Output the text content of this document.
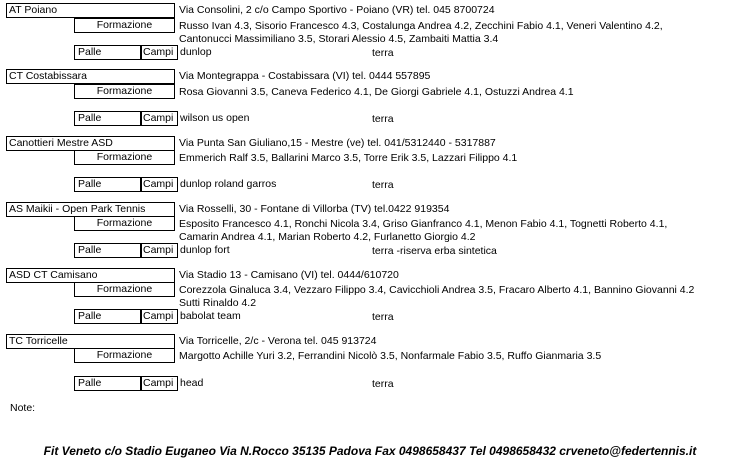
AT Poiano	Via Consolini, 2 c/o Campo Sportivo - Poiano (VR) tel. 045 8700724
Formazione	Russo Ivan 4.3, Sisorio Francesco 4.3, Costalunga Andrea 4.2, Zecchini Fabio 4.1, Veneri Valentino 4.2,
Cantonucci Massimiliano 3.5, Storari Alessio 4.5, Zambaiti Mattia 3.4
Palle	Campi dunlop	terra
CT Costabissara	Via Montegrappa - Costabissara (VI) tel. 0444 557895
Formazione	Rosa Giovanni 3.5, Caneva Federico 4.1, De Giorgi Gabriele 4.1, Ostuzzi Andrea 4.1
Palle	Campi wilson us open	terra
Canottieri Mestre ASD	Via Punta San Giuliano,15 - Mestre (ve) tel. 041/5312440 - 5317887
Formazione	Emmerich Ralf 3.5, Ballarini Marco 3.5, Torre Erik 3.5, Lazzari Filippo 4.1
Palle	Campi dunlop roland garros	terra
AS Maikii - Open Park Tennis	Via Rosselli, 30 - Fontane di Villorba (TV) tel.0422 919354
Formazione	Esposito Francesco 4.1, Ronchi Nicola 3.4, Griso Gianfranco 4.1, Menon Fabio 4.1, Tognetti Roberto 4.1,
Camarin Andrea 4.1, Marian Roberto 4.2, Furlanetto Giorgio 4.2
Palle	Campi dunlop fort	terra -riserva erba sintetica
ASD CT Camisano	Via Stadio 13 - Camisano (VI) tel. 0444/610720
Formazione	Corezzola Ginaluca 3.4, Vezzaro Filippo 3.4, Cavicchioli Andrea 3.5, Fracaro Alberto 4.1, Bannino Giovanni 4.2
Sutti Rinaldo 4.2
Palle	Campi babolat team	terra
TC Torricelle	Via Torricelle, 2/c - Verona tel. 045 913724
Formazione	Margotto Achille Yuri 3.2, Ferrandini Nicolò 3.5, Nonfarmale Fabio 3.5, Ruffo Gianmaria 3.5
Palle	Campi head	terra
Note:
Fit Veneto c/o Stadio Euganeo Via N.Rocco 35135 Padova Fax 0498658437 Tel 0498658432 crveneto@federtennis.it
